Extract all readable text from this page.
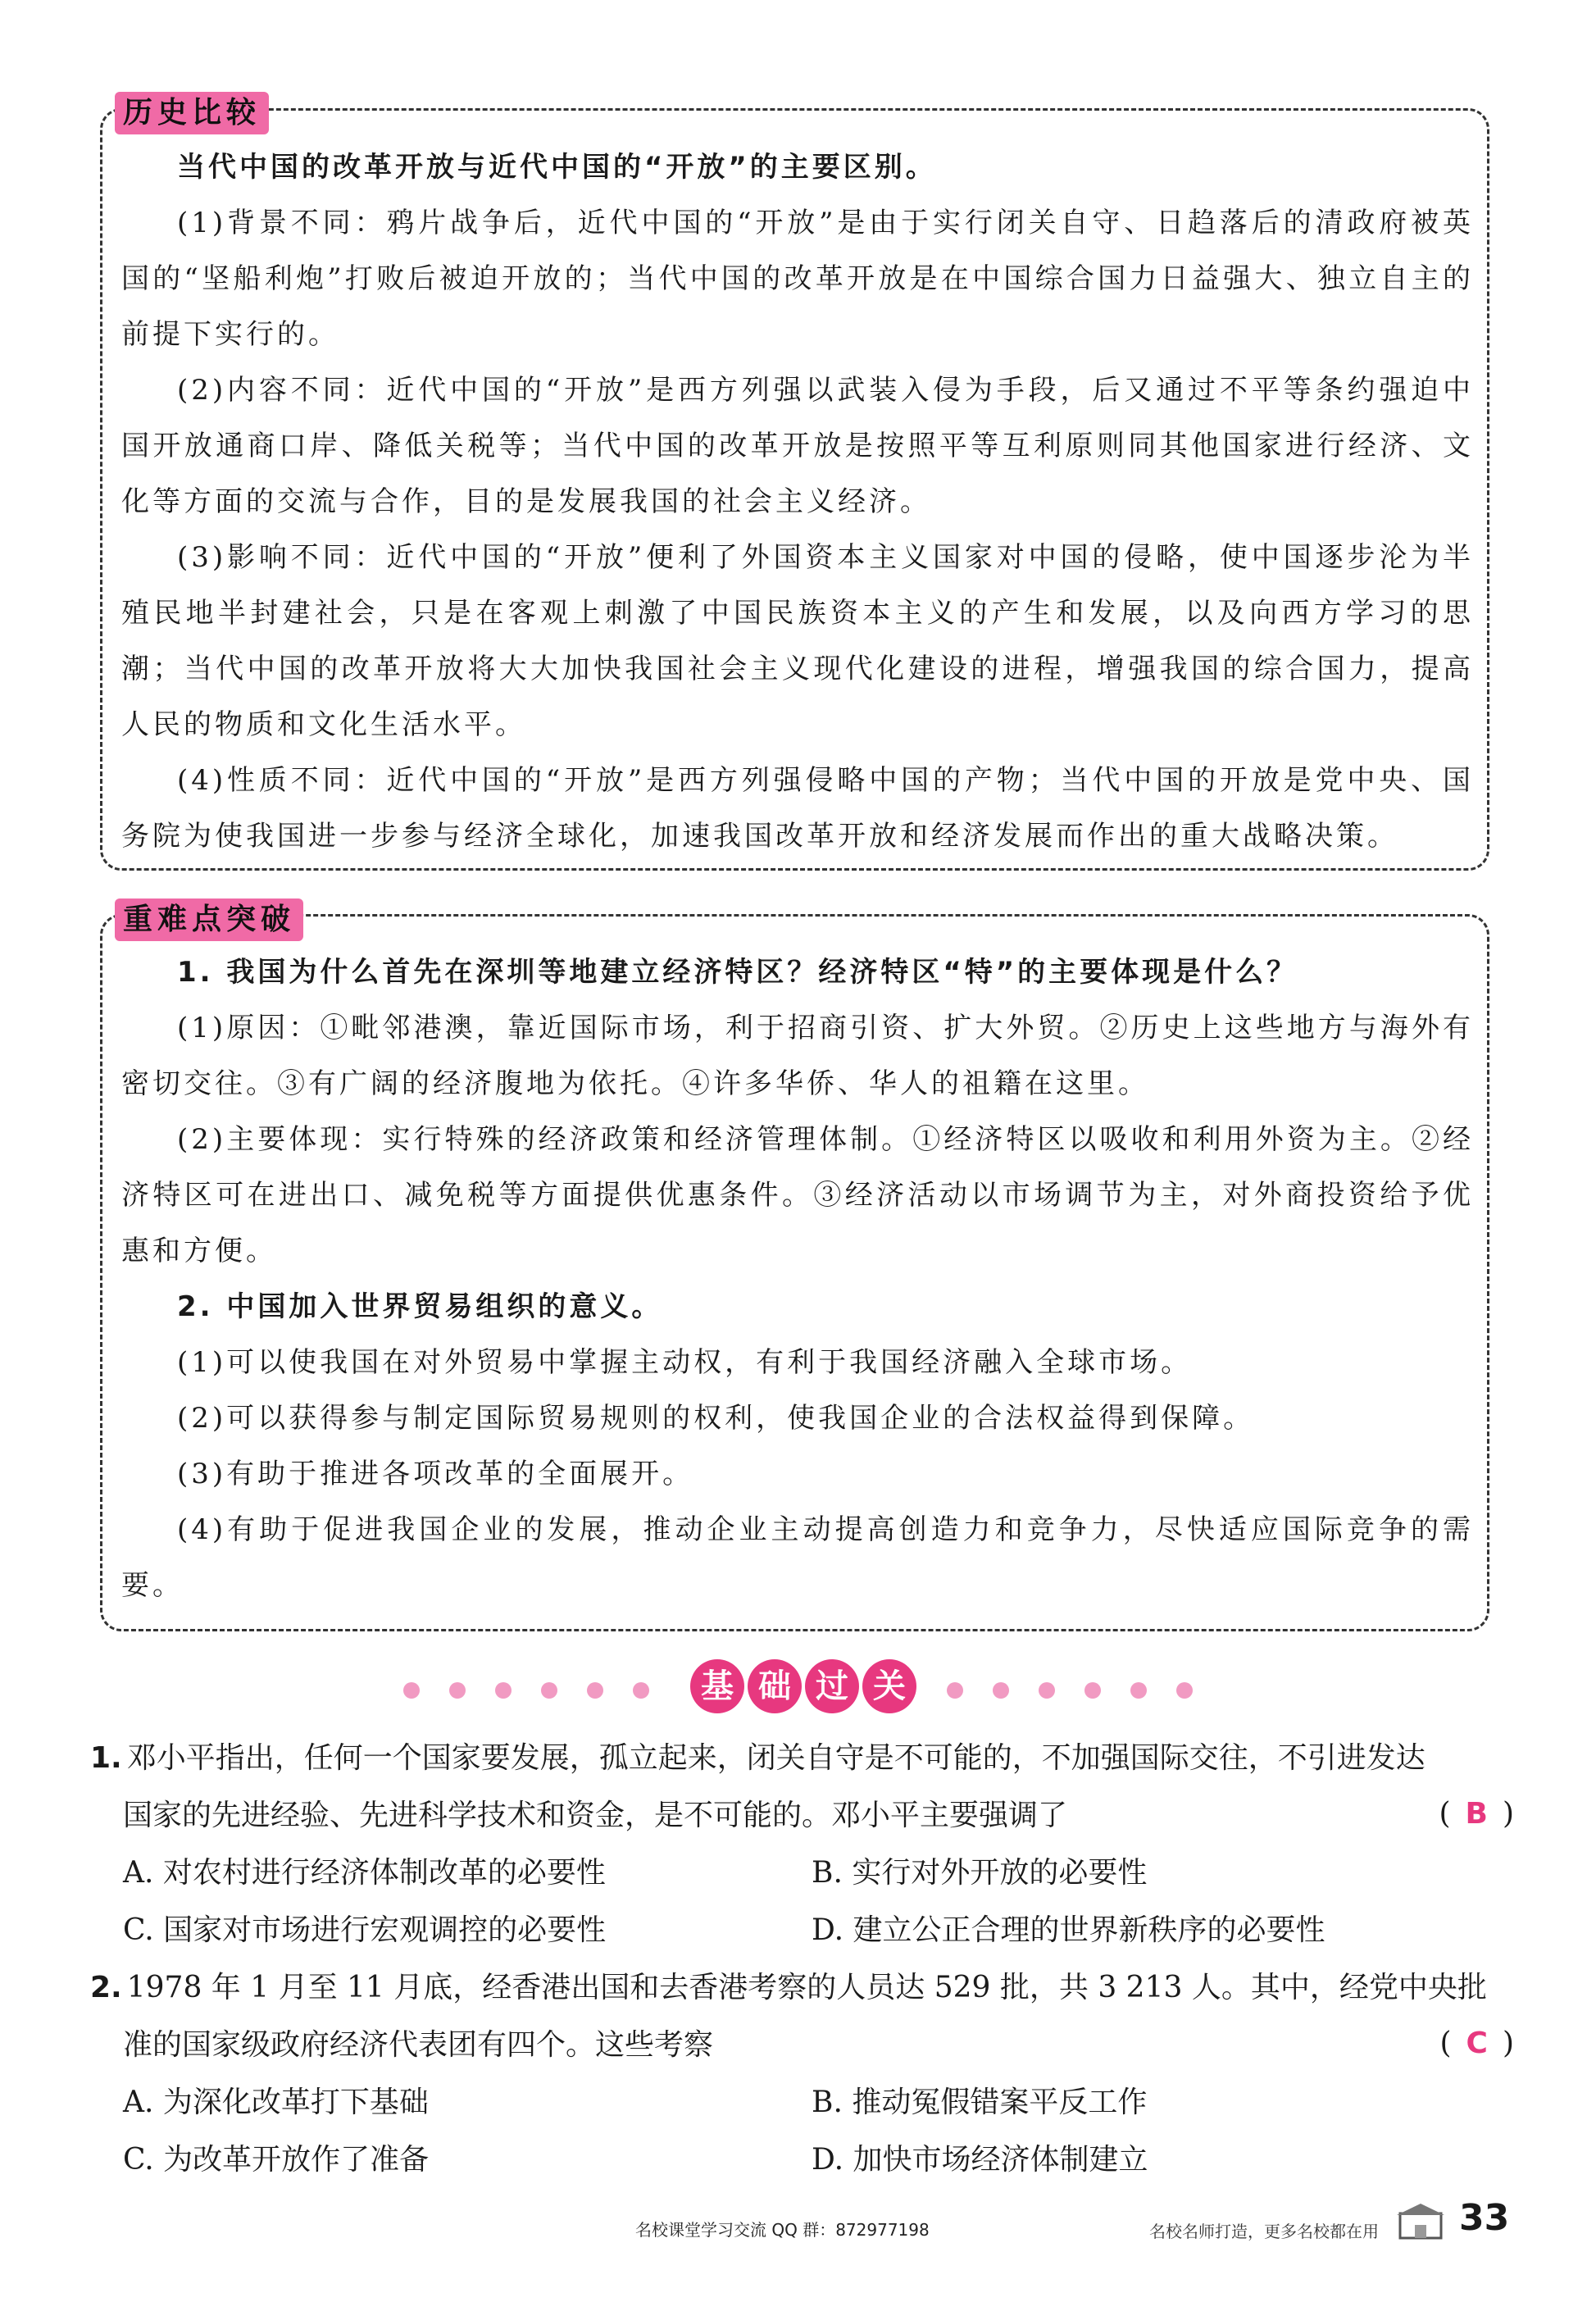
历史比较

当代中国的改革开放与近代中国的“开放”的主要区别。

(1)背景不同：鸦片战争后，近代中国的“开放”是由于实行闭关自守、日趋落后的清政府被英国的“坚船利炮”打败后被迫开放的；当代中国的改革开放是在中国综合国力日益强大、独立自主的前提下实行的。

(2)内容不同：近代中国的“开放”是西方列强以武装入侵为手段，后又通过不平等条约强迫中国开放通商口岸、降低关税等；当代中国的改革开放是按照平等互利原则同其他国家进行经济、文化等方面的交流与合作，目的是发展我国的社会主义经济。

(3)影响不同：近代中国的“开放”便利了外国资本主义国家对中国的侵略，使中国逐步沦为半殖民地半封建社会，只是在客观上刺激了中国民族资本主义的产生和发展，以及向西方学习的思潮；当代中国的改革开放将大大加快我国社会主义现代化建设的进程，增强我国的综合国力，提高人民的物质和文化生活水平。

(4)性质不同：近代中国的“开放”是西方列强侵略中国的产物；当代中国的开放是党中央、国务院为使我国进一步参与经济全球化，加速我国改革开放和经济发展而作出的重大战略决策。

重难点突破

1. 我国为什么首先在深圳等地建立经济特区？经济特区“特”的主要体现是什么？

(1)原因：①毗邻港澳，靠近国际市场，利于招商引资、扩大外贸。②历史上这些地方与海外有密切交往。③有广阔的经济腹地为依托。④许多华侨、华人的祖籍在这里。

(2)主要体现：实行特殊的经济政策和经济管理体制。①经济特区以吸收和利用外资为主。②经济特区可在进出口、减免税等方面提供优惠条件。③经济活动以市场调节为主，对外商投资给予优惠和方便。

2. 中国加入世界贸易组织的意义。

(1)可以使我国在对外贸易中掌握主动权，有利于我国经济融入全球市场。

(2)可以获得参与制定国际贸易规则的权利，使我国企业的合法权益得到保障。

(3)有助于推进各项改革的全面展开。

(4)有助于促进我国企业的发展，推动企业主动提高创造力和竞争力，尽快适应国际竞争的需要。

基 础 过 关

1. 邓小平指出，任何一个国家要发展，孤立起来，闭关自守是不可能的，不加强国际交往，不引进发达

国家的先进经验、先进科学技术和资金，是不可能的。邓小平主要强调了	( B )

A. 对农村进行经济体制改革的必要性	B. 实行对外开放的必要性

C. 国家对市场进行宏观调控的必要性	D. 建立公正合理的世界新秩序的必要性

2. 1978 年 1 月至 11 月底，经香港出国和去香港考察的人员达 529 批，共 3 213 人。其中，经党中央批

准的国家级政府经济代表团有四个。这些考察	( C )

A. 为深化改革打下基础	B. 推动冤假错案平反工作

C. 为改革开放作了准备	D. 加快市场经济体制建立

名校课堂学习交流 QQ 群：872977198	名校名师打造，更多名校都在用 33
